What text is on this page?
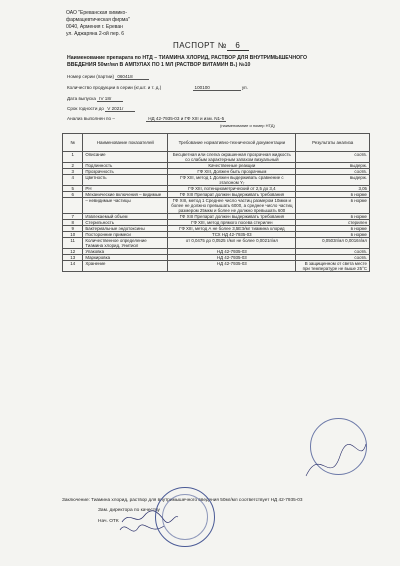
ОАО "Ереванская химико-
фармацевтическая фирма"
0040, Армения г. Ереван
ул. Аджаряна 2-ой пер. 6
ПАСПОРТ № 6
Наименование препарата по НТД – ТИАМИНА ХЛОРИД, РАСТВОР ДЛЯ ВНУТРИМЫШЕЧНОГО
ВВЕДЕНИЯ 50мг/мл В АМПУЛАХ ПО 1 МЛ (РАСТВОР ВИТАМИН В₁) №10
Номер серии (партии) 060418
Количество продукции в серии (кг,шт. и т. д.)	100100	уп.
Дата выпуска IV 18г
Срок годности до V 2021г
Анализ выполнен по –	НД 42-7935-03 и ГФ XIII и изм. N1-5
(наименование и номер НТД)
№	Наименование показателей	Требование нормативно-технической документации	Результаты анализа
1	Описание	Бесцветная или слегка окрашенная прозрачная жидкость со слабым характерным запахом визуальный	соотв.
2	Подлинность	Качественные реакции	выдерж.
3	Прозрачность	ГФ XIII, Должен быть прозрачным	соотв.
4	Цветность	ГФ XIII, метод 1 Должен выдерживать сравнение с эталоном Y₇	выдерж.
5	PH	ГФ XIII, потенциометрический от 2,5 до 3,4	3,05
6	Механические включения – видимые	ГФ XIII Препарат должен выдерживать требования	в норме
	– невидимые частицы	ГФ XIII, метод 1 Среднее число частиц размером 10мкм и более не должно превышать 6000, а среднее число частиц размером 25мкм и более не должно превышать 600	в норме
7	Извлекаемый объем	ГФ XIII Препарат должен выдерживать требования	в норме
8	Стерильность	ГФ XIII, метод прямого посева стерилен	стерилен
9	Бактериальные эндотоксины	ГФ XIII, метод А не более 3,5ЕЭ/мг тиамина хлорид	в норме
10	Посторонние примеси	ТСХ НД 42-7935-03	в норме
11	Количественное определение Тиамина хлорид, Унитиол	от 0,0475 до 0,0525 г/мл не более 0,0021г/мл	0,0503г/мл 0,0016г/мл
12	Упаковка	НД 42-7935-03	соотв.
13	Маркировка	НД 42-7935-03	соотв.
14	Хранение	НД 42-7935-03	В защищенном от света месте при температуре не выше 25°С
Заключение: Тиамина хлорид, раствор для внутримышечного введения 50мг/мл соответствует НД 42-7935-03
Зам. директора по качеству
Нач. ОТК
